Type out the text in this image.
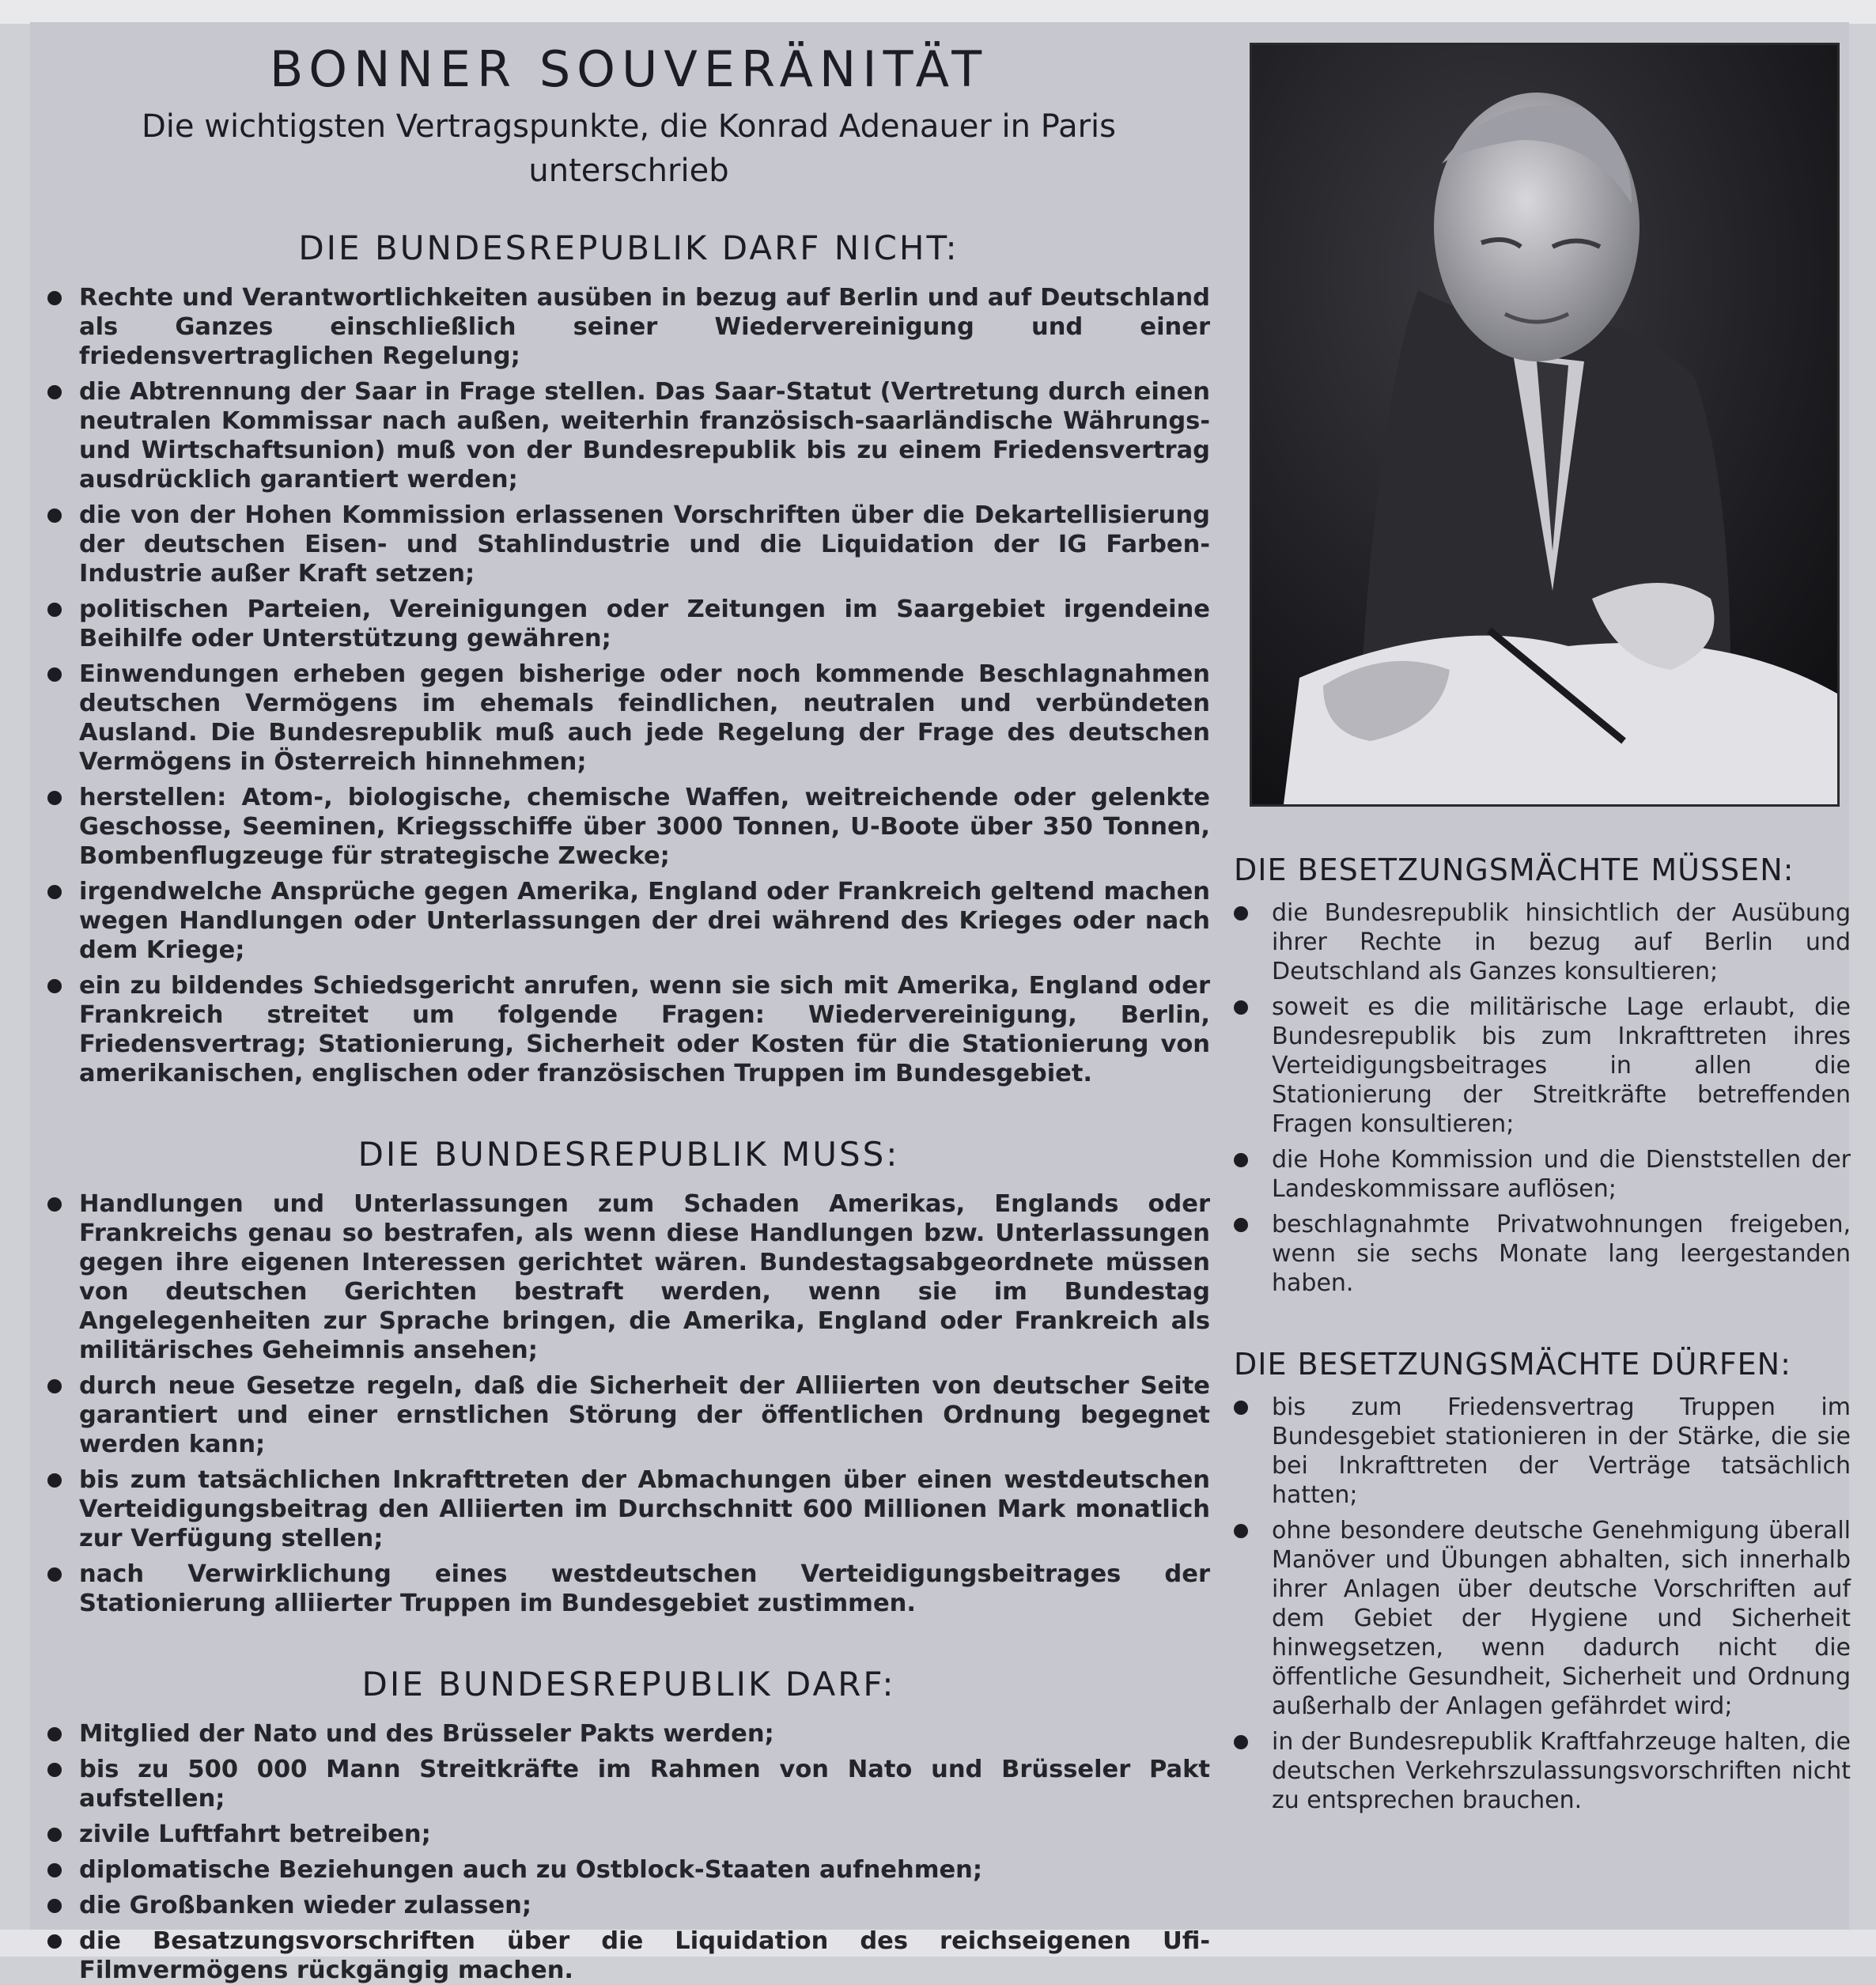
BONNER SOUVERÄNITÄT
Die wichtigsten Vertragspunkte, die Konrad Adenauer in Paris unterschrieb
DIE BUNDESREPUBLIK DARF NICHT:
Rechte und Verantwortlichkeiten ausüben in bezug auf Berlin und auf Deutschland als Ganzes einschließlich seiner Wiedervereinigung und einer friedensvertraglichen Regelung;
die Abtrennung der Saar in Frage stellen. Das Saar-Statut (Vertretung durch einen neutralen Kommissar nach außen, weiterhin französisch-saarländische Währungs- und Wirtschaftsunion) muß von der Bundesrepublik bis zu einem Friedensvertrag ausdrücklich garantiert werden;
die von der Hohen Kommission erlassenen Vorschriften über die Dekartellisierung der deutschen Eisen- und Stahlindustrie und die Liquidation der IG Farben-Industrie außer Kraft setzen;
politischen Parteien, Vereinigungen oder Zeitungen im Saargebiet irgendeine Beihilfe oder Unterstützung gewähren;
Einwendungen erheben gegen bisherige oder noch kommende Beschlagnahmen deutschen Vermögens im ehemals feindlichen, neutralen und verbündeten Ausland. Die Bundesrepublik muß auch jede Regelung der Frage des deutschen Vermögens in Österreich hinnehmen;
herstellen: Atom-, biologische, chemische Waffen, weitreichende oder gelenkte Geschosse, Seeminen, Kriegsschiffe über 3000 Tonnen, U-Boote über 350 Tonnen, Bombenflugzeuge für strategische Zwecke;
irgendwelche Ansprüche gegen Amerika, England oder Frankreich geltend machen wegen Handlungen oder Unterlassungen der drei während des Krieges oder nach dem Kriege;
ein zu bildendes Schiedsgericht anrufen, wenn sie sich mit Amerika, England oder Frankreich streitet um folgende Fragen: Wiedervereinigung, Berlin, Friedensvertrag; Stationierung, Sicherheit oder Kosten für die Stationierung von amerikanischen, englischen oder französischen Truppen im Bundesgebiet.
DIE BUNDESREPUBLIK MUSS:
Handlungen und Unterlassungen zum Schaden Amerikas, Englands oder Frankreichs genau so bestrafen, als wenn diese Handlungen bzw. Unterlassungen gegen ihre eigenen Interessen gerichtet wären. Bundestagsabgeordnete müssen von deutschen Gerichten bestraft werden, wenn sie im Bundestag Angelegenheiten zur Sprache bringen, die Amerika, England oder Frankreich als militärisches Geheimnis ansehen;
durch neue Gesetze regeln, daß die Sicherheit der Alliierten von deutscher Seite garantiert und einer ernstlichen Störung der öffentlichen Ordnung begegnet werden kann;
bis zum tatsächlichen Inkrafttreten der Abmachungen über einen westdeutschen Verteidigungsbeitrag den Alliierten im Durchschnitt 600 Millionen Mark monatlich zur Verfügung stellen;
nach Verwirklichung eines westdeutschen Verteidigungsbeitrages der Stationierung alliierter Truppen im Bundesgebiet zustimmen.
DIE BUNDESREPUBLIK DARF:
Mitglied der Nato und des Brüsseler Pakts werden;
bis zu 500 000 Mann Streitkräfte im Rahmen von Nato und Brüsseler Pakt aufstellen;
zivile Luftfahrt betreiben;
diplomatische Beziehungen auch zu Ostblock-Staaten aufnehmen;
die Großbanken wieder zulassen;
die Besatzungsvorschriften über die Liquidation des reichseigenen Ufi-Filmvermögens rückgängig machen.
DIE BESETZUNGSMÄCHTE MÜSSEN:
die Bundesrepublik hinsichtlich der Ausübung ihrer Rechte in bezug auf Berlin und Deutschland als Ganzes konsultieren;
soweit es die militärische Lage erlaubt, die Bundesrepublik bis zum Inkrafttreten ihres Verteidigungsbeitrages in allen die Stationierung der Streitkräfte betreffenden Fragen konsultieren;
die Hohe Kommission und die Dienststellen der Landeskommissare auflösen;
beschlagnahmte Privatwohnungen freigeben, wenn sie sechs Monate lang leergestanden haben.
DIE BESETZUNGSMÄCHTE DÜRFEN:
bis zum Friedensvertrag Truppen im Bundesgebiet stationieren in der Stärke, die sie bei Inkrafttreten der Verträge tatsächlich hatten;
ohne besondere deutsche Genehmigung überall Manöver und Übungen abhalten, sich innerhalb ihrer Anlagen über deutsche Vorschriften auf dem Gebiet der Hygiene und Sicherheit hinwegsetzen, wenn dadurch nicht die öffentliche Gesundheit, Sicherheit und Ordnung außerhalb der Anlagen gefährdet wird;
in der Bundesrepublik Kraftfahrzeuge halten, die deutschen Verkehrszulassungsvorschriften nicht zu entsprechen brauchen.
